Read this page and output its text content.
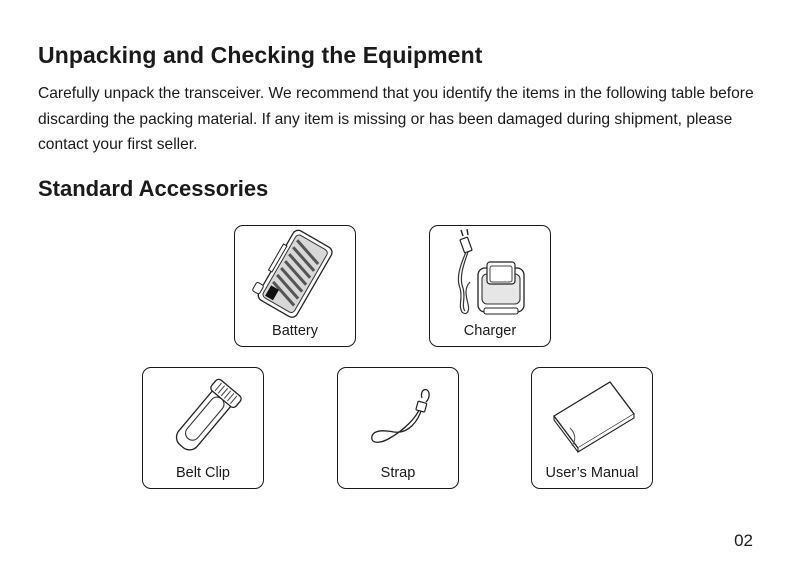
Unpacking and Checking the Equipment

Carefully unpack the transceiver. We recommend that you identify the items in the following table before discarding the packing material. If any item is missing or has been damaged during shipment, please contact your first seller.

Standard Accessories
Battery	Charger
Belt Clip	Strap	User’s Manual
02
